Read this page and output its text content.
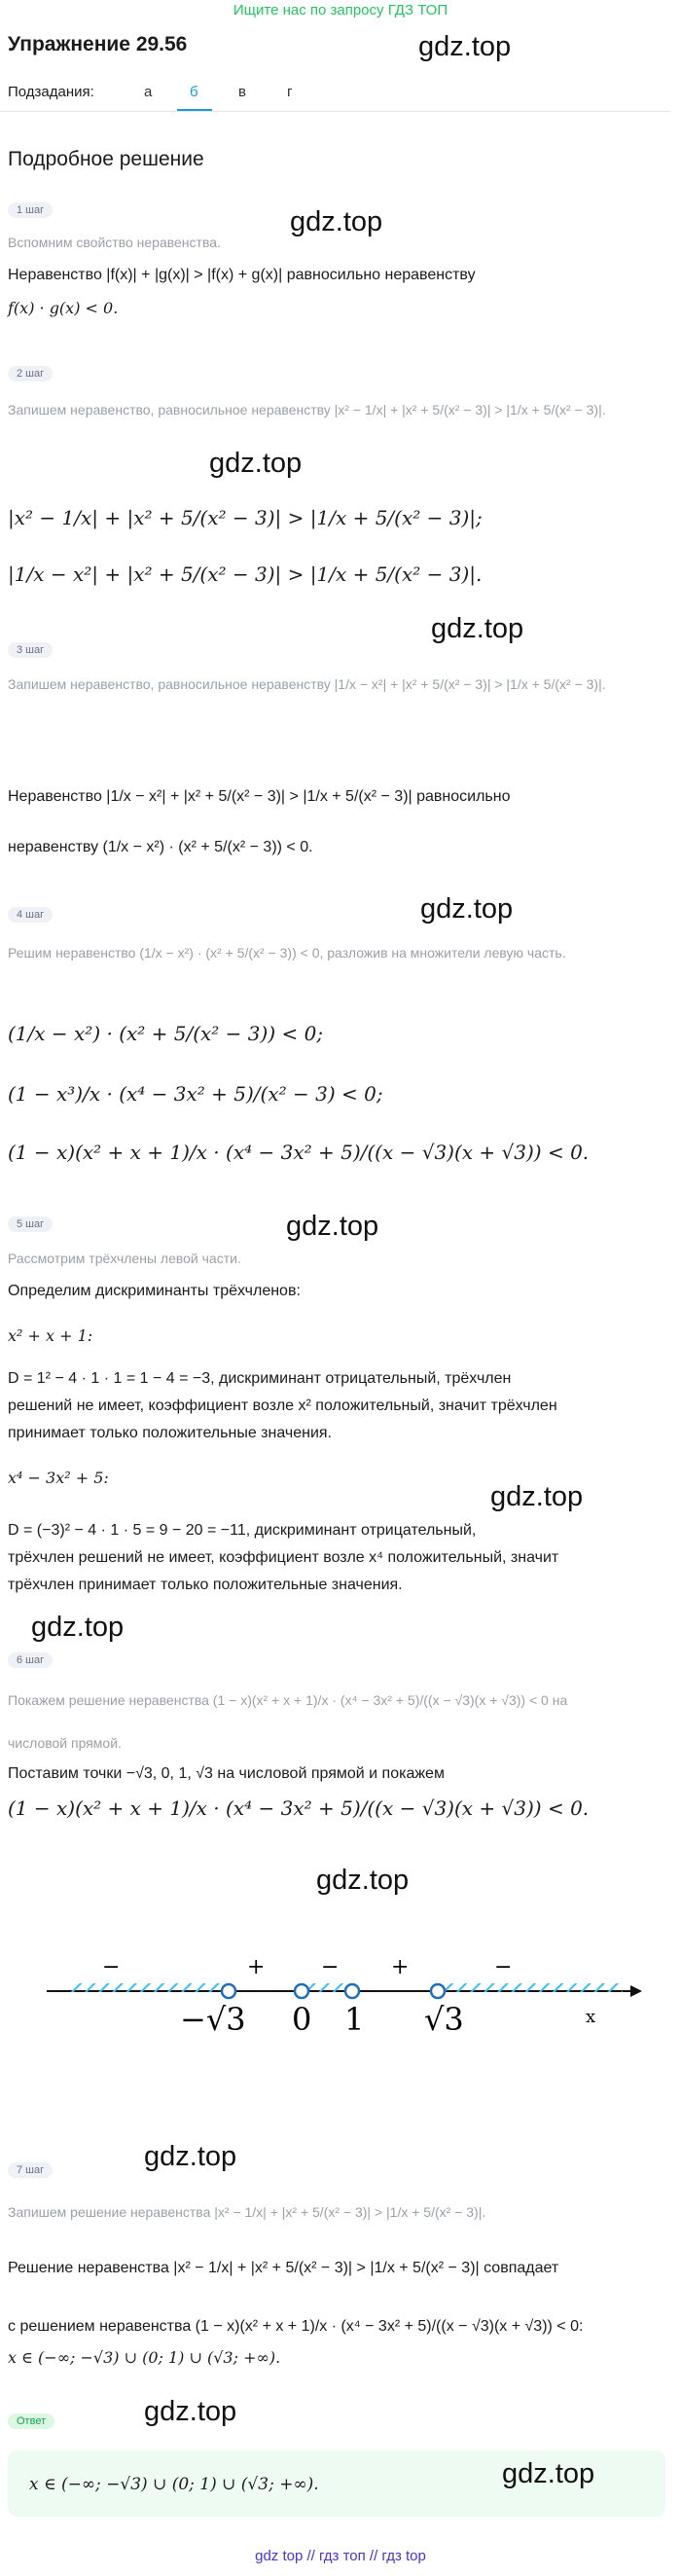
Ищите нас по запросу ГДЗ ТОП
Упражнение 29.56	gdz.top
Подзадания:	а	б	в	г
Подробное решение
1 шаг	gdz.top
Вспомним свойство неравенства.
Неравенство |f(x)| + |g(x)| > |f(x) + g(x)| равносильно неравенству
f(x) · g(x) < 0.
2 шаг
Запишем неравенство, равносильное неравенству |x² − 1/x| + |x² + 5/(x² − 3)| > |1/x + 5/(x² − 3)|.
gdz.top
|x² − 1/x| + |x² + 5/(x² − 3)| > |1/x + 5/(x² − 3)|;
|1/x − x²| + |x² + 5/(x² − 3)| > |1/x + 5/(x² − 3)|.
gdz.top
3 шаг
Запишем неравенство, равносильное неравенству |1/x − x²| + |x² + 5/(x² − 3)| > |1/x + 5/(x² − 3)|.
Неравенство |1/x − x²| + |x² + 5/(x² − 3)| > |1/x + 5/(x² − 3)| равносильно
неравенству (1/x − x²) · (x² + 5/(x² − 3)) < 0.
gdz.top
4 шаг
Решим неравенство (1/x − x²) · (x² + 5/(x² − 3)) < 0, разложив на множители левую часть.
(1/x − x²) · (x² + 5/(x² − 3)) < 0;
(1 − x³)/x · (x⁴ − 3x² + 5)/(x² − 3) < 0;
(1 − x)(x² + x + 1)/x · (x⁴ − 3x² + 5)/((x − √3)(x + √3)) < 0.
gdz.top
5 шаг
Рассмотрим трёхчлены левой части.
Определим дискриминанты трёхчленов:
x² + x + 1:
D = 1² − 4 · 1 · 1 = 1 − 4 = −3, дискриминант отрицательный, трёхчлен
решений не имеет, коэффициент возле x² положительный, значит трёхчлен
принимает только положительные значения.
x⁴ − 3x² + 5:
gdz.top
D = (−3)² − 4 · 1 · 5 = 9 − 20 = −11, дискриминант отрицательный,
трёхчлен решений не имеет, коэффициент возле x⁴ положительный, значит
трёхчлен принимает только положительные значения.
gdz.top
6 шаг
Покажем решение неравенства (1 − x)(x² + x + 1)/x · (x⁴ − 3x² + 5)/((x − √3)(x + √3)) < 0 на
числовой прямой.
Поставим точки −√3, 0, 1, √3 на числовой прямой и покажем
(1 − x)(x² + x + 1)/x · (x⁴ − 3x² + 5)/((x − √3)(x + √3)) < 0.
gdz.top
−	+	− +	−
−√3 0 1 √3	x
gdz.top
7 шаг
Запишем решение неравенства |x² − 1/x| + |x² + 5/(x² − 3)| > |1/x + 5/(x² − 3)|.
Решение неравенства |x² − 1/x| + |x² + 5/(x² − 3)| > |1/x + 5/(x² − 3)| совпадает
с решением неравенства (1 − x)(x² + x + 1)/x · (x⁴ − 3x² + 5)/((x − √3)(x + √3)) < 0:
x ∈ (−∞; −√3) ∪ (0; 1) ∪ (√3; +∞).
gdz.top
Ответ
x ∈ (−∞; −√3) ∪ (0; 1) ∪ (√3; +∞).	gdz.top
gdz top // гдз топ // гдз top
